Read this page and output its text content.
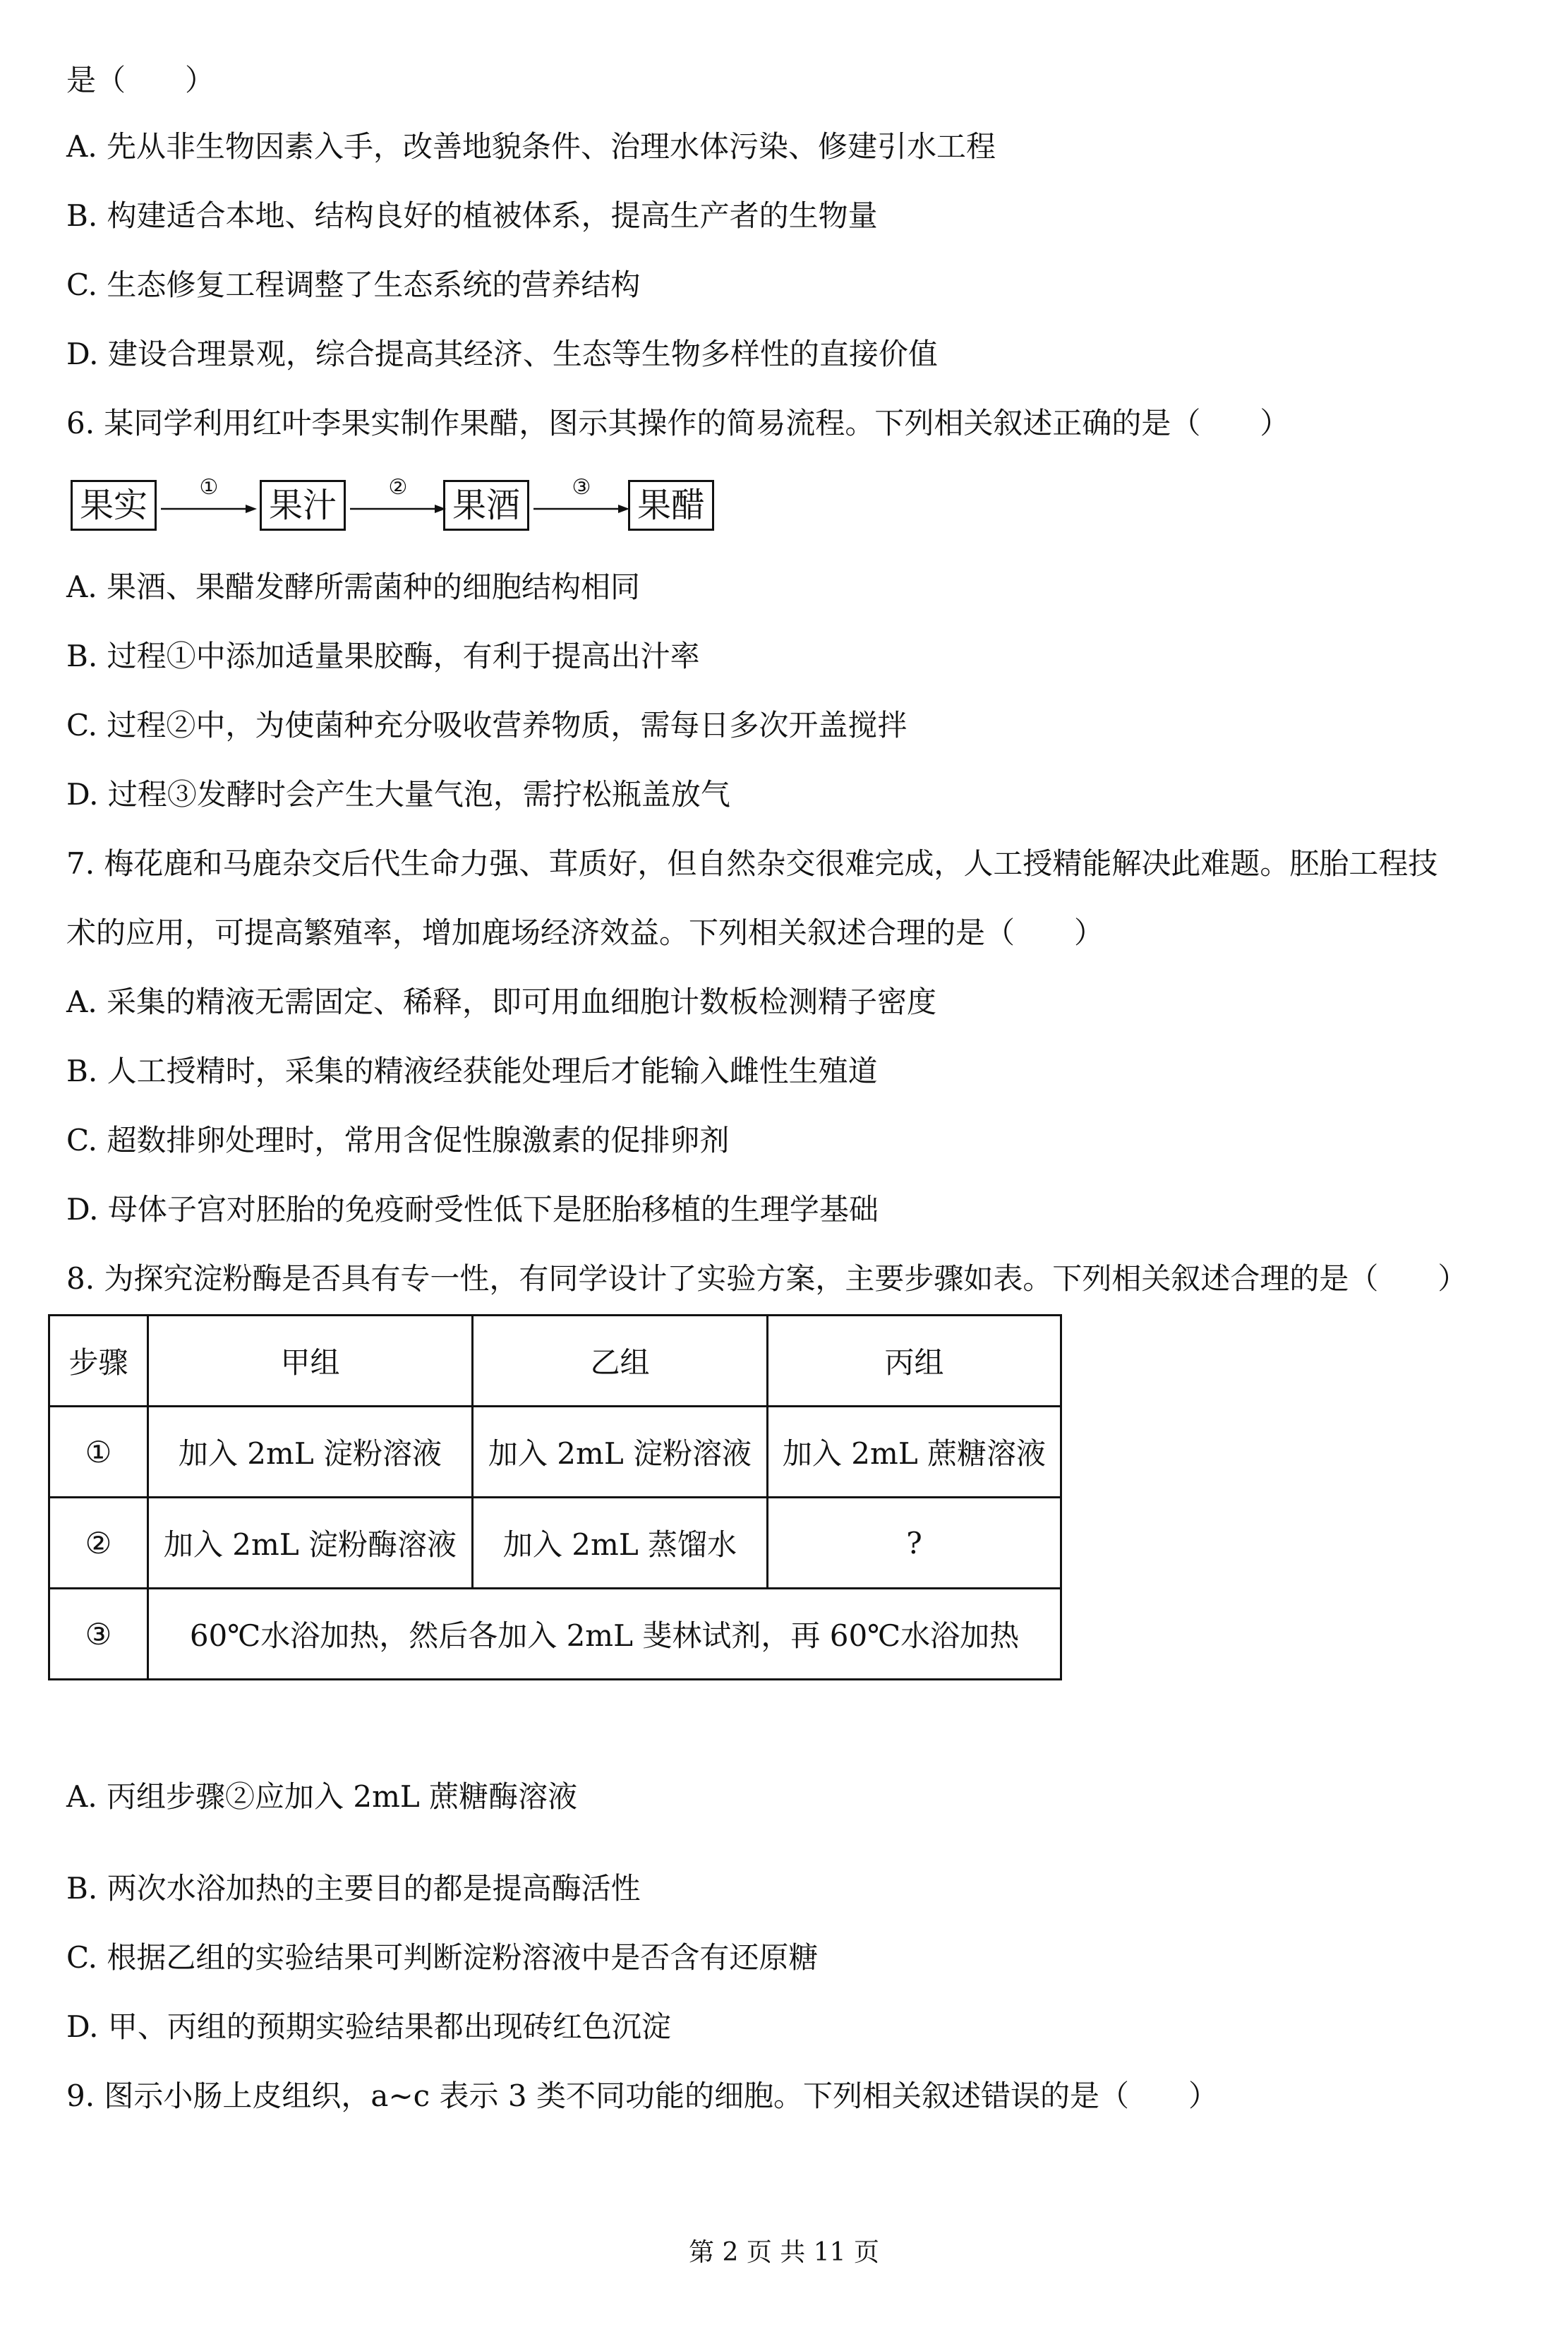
是（　　）

A. 先从非生物因素入手，改善地貌条件、治理水体污染、修建引水工程

B. 构建适合本地、结构良好的植被体系，提高生产者的生物量

C. 生态修复工程调整了生态系统的营养结构

D. 建设合理景观，综合提高其经济、生态等生物多样性的直接价值

6. 某同学利用红叶李果实制作果醋，图示其操作的简易流程。下列相关叙述正确的是（　　）

果实	①	果汁	②	果酒	③	果醋

A. 果酒、果醋发酵所需菌种的细胞结构相同

B. 过程①中添加适量果胶酶，有利于提高出汁率

C. 过程②中，为使菌种充分吸收营养物质，需每日多次开盖搅拌

D. 过程③发酵时会产生大量气泡，需拧松瓶盖放气

7. 梅花鹿和马鹿杂交后代生命力强、茸质好，但自然杂交很难完成，人工授精能解决此难题。胚胎工程技

术的应用，可提高繁殖率，增加鹿场经济效益。下列相关叙述合理的是（　　）

A. 采集的精液无需固定、稀释，即可用血细胞计数板检测精子密度

B. 人工授精时，采集的精液经获能处理后才能输入雌性生殖道

C. 超数排卵处理时，常用含促性腺激素的促排卵剂

D. 母体子宫对胚胎的免疫耐受性低下是胚胎移植的生理学基础

8. 为探究淀粉酶是否具有专一性，有同学设计了实验方案，主要步骤如表。下列相关叙述合理的是（　　）

步骤	甲组	乙组	丙组
①	加入 2mL 淀粉溶液	加入 2mL 淀粉溶液	加入 2mL 蔗糖溶液
②	加入 2mL 淀粉酶溶液	加入 2mL 蒸馏水	?
③	60℃水浴加热，然后各加入 2mL 斐林试剂，再 60℃水浴加热		

A. 丙组步骤②应加入 2mL 蔗糖酶溶液

B. 两次水浴加热的主要目的都是提高酶活性

C. 根据乙组的实验结果可判断淀粉溶液中是否含有还原糖

D. 甲、丙组的预期实验结果都出现砖红色沉淀

9. 图示小肠上皮组织，a~c 表示 3 类不同功能的细胞。下列相关叙述错误的是（　　）

第 2 页 共 11 页
